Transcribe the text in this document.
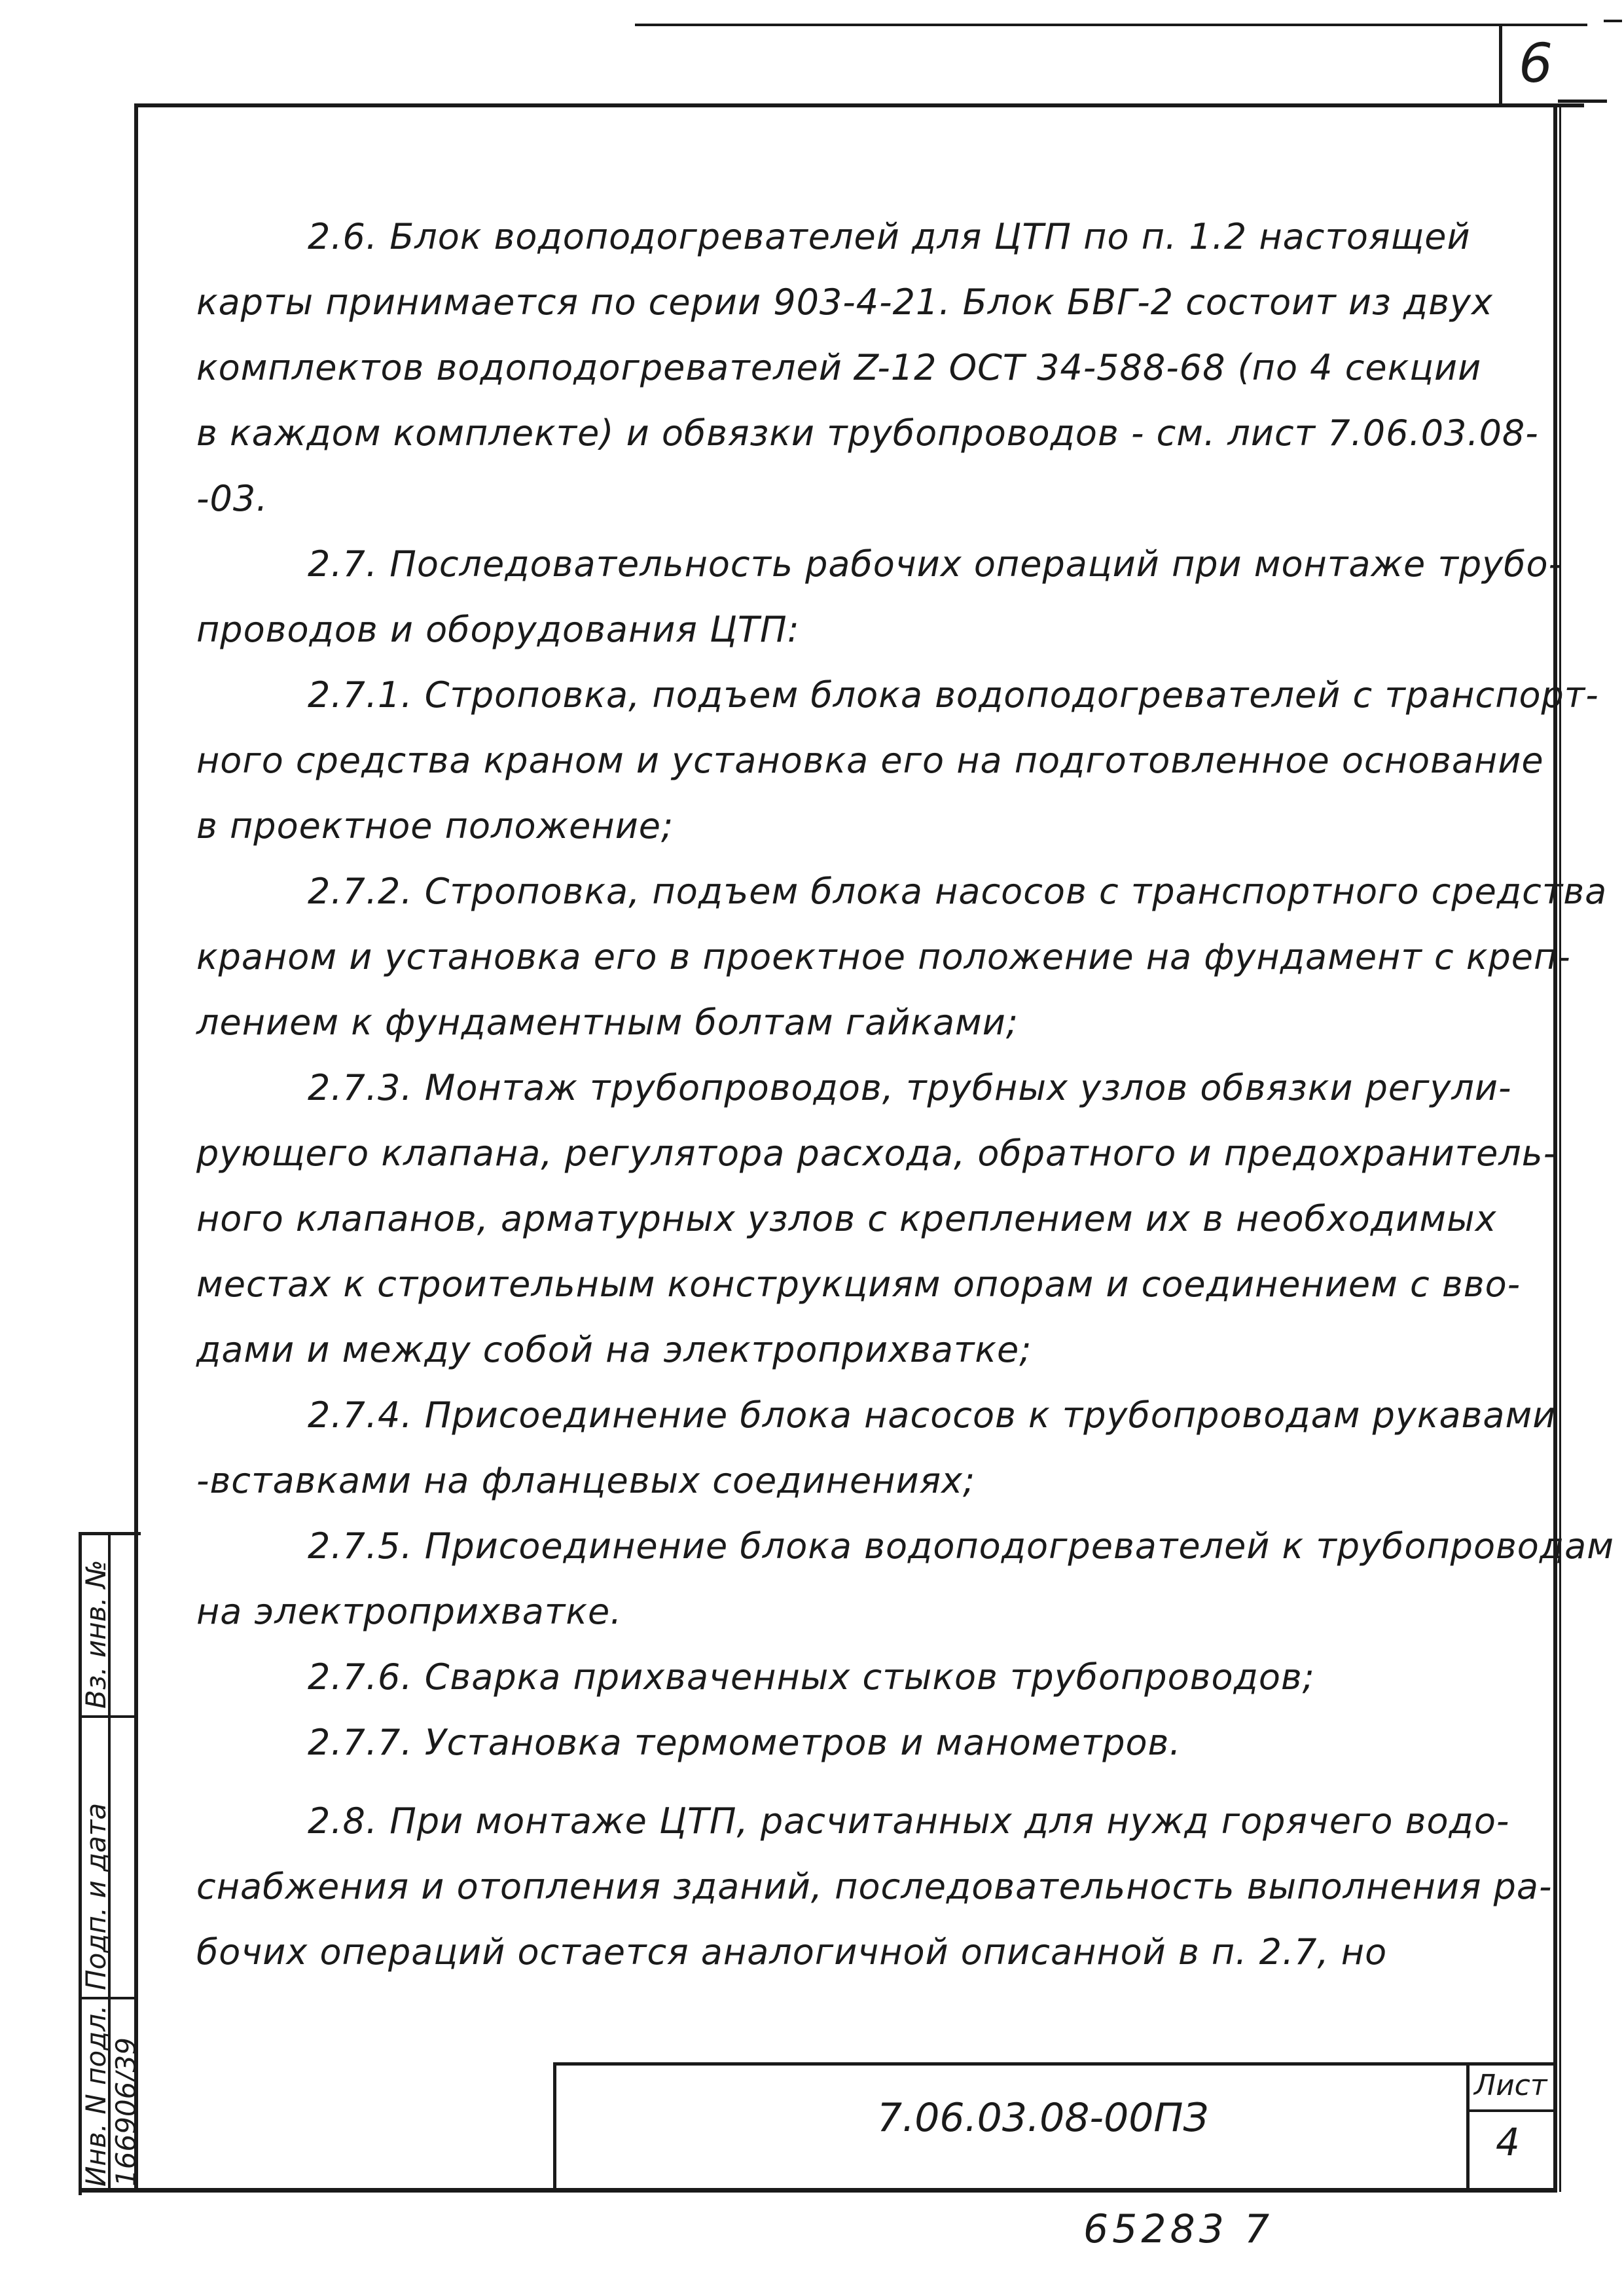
6
2.6. Блок водоподогревателей для ЦТП по п. 1.2 настоящей
карты принимается по серии 903-4-21. Блок БВГ-2 состоит из двух
комплектов водоподогревателей Z-12 ОСТ 34-588-68 (по 4 секции
в каждом комплекте) и обвязки трубопроводов - см. лист 7.06.03.08-
-03.
2.7. Последовательность рабочих операций при монтаже трубо-
проводов и оборудования ЦТП:
2.7.1. Строповка, подъем блока водоподогревателей с транспорт-
ного средства краном и установка его на подготовленное основание
в проектное положение;
2.7.2. Строповка, подъем блока насосов с транспортного средства
краном и установка его в проектное положение на фундамент с креп-
лением к фундаментным болтам гайками;
2.7.3. Монтаж трубопроводов, трубных узлов обвязки регули-
рующего клапана, регулятора расхода, обратного и предохранитель-
ного клапанов, арматурных узлов с креплением их в необходимых
местах к строительным конструкциям опорам и соединением с вво-
дами и между собой на электроприхватке;
2.7.4. Присоединение блока насосов к трубопроводам рукавами
-вставками на фланцевых соединениях;
2.7.5. Присоединение блока водоподогревателей к трубопроводам
на электроприхватке.
2.7.6. Сварка прихваченных стыков трубопроводов;
2.7.7. Установка термометров и манометров.
2.8. При монтаже ЦТП, расчитанных для нужд горячего водо-
снабжения и отопления зданий, последовательность выполнения ра-
бочих операций остается аналогичной описанной в п. 2.7, но
Вз. инв. №
Подп. и дата
Инв. N подл.
166906/39	7.06.03.08-00ПЗ
Лист
4
65283 7
